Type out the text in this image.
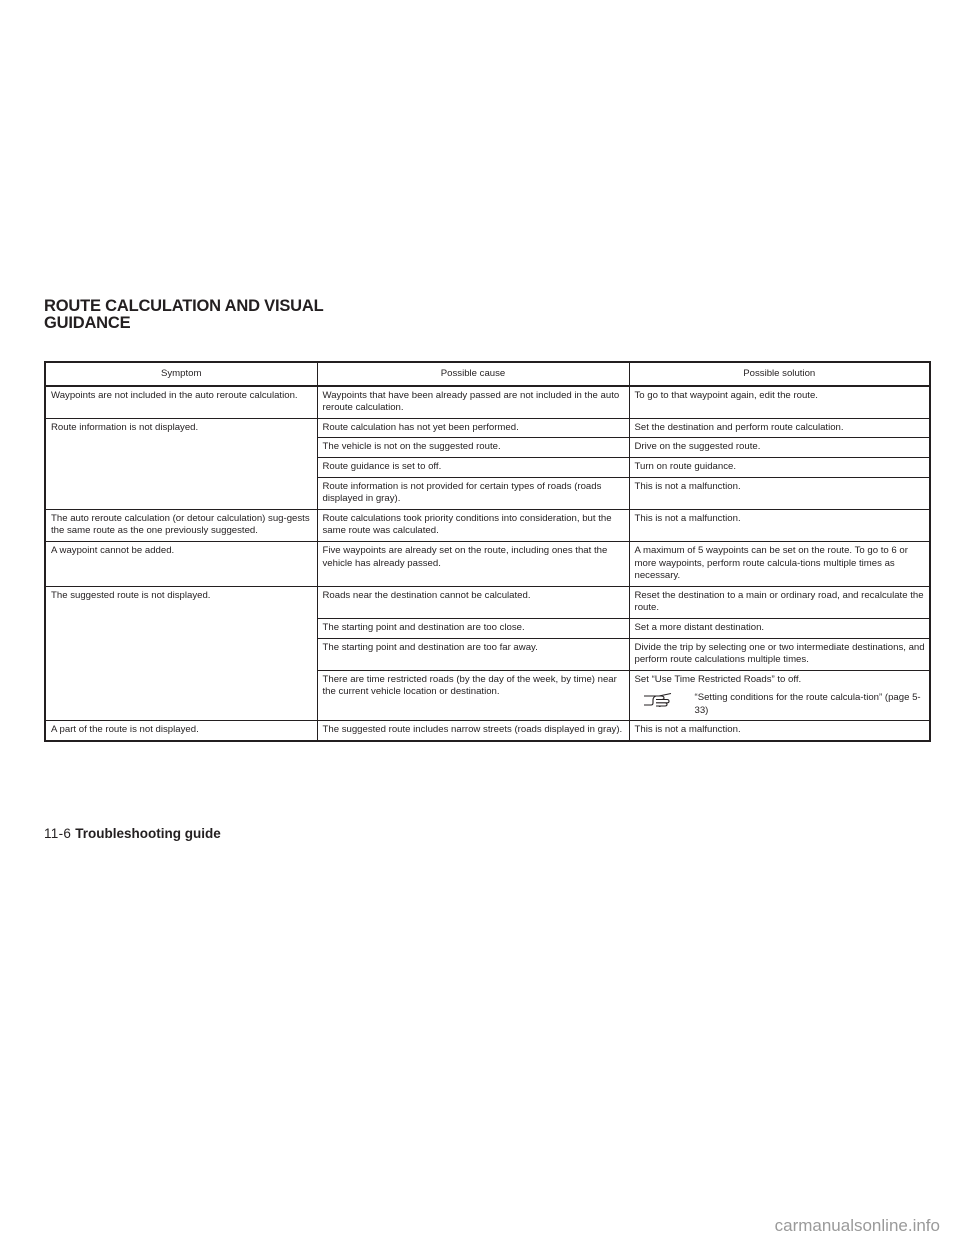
ROUTE CALCULATION AND VISUAL
GUIDANCE
Symptom	Possible cause	Possible solution
Waypoints are not included in the auto reroute calculation.	Waypoints that have been already passed are not included in the auto reroute calculation.	To go to that waypoint again, edit the route.
Route information is not displayed.	Route calculation has not yet been performed.	Set the destination and perform route calculation.
	The vehicle is not on the suggested route.	Drive on the suggested route.
	Route guidance is set to off.	Turn on route guidance.
	Route information is not provided for certain types of roads (roads displayed in gray).	This is not a malfunction.
The auto reroute calculation (or detour calculation) sug-gests the same route as the one previously suggested.	Route calculations took priority conditions into consideration, but the same route was calculated.	This is not a malfunction.
A waypoint cannot be added.	Five waypoints are already set on the route, including ones that the vehicle has already passed.	A maximum of 5 waypoints can be set on the route. To go to 6 or more waypoints, perform route calcula-tions multiple times as necessary.
The suggested route is not displayed.	Roads near the destination cannot be calculated.	Reset the destination to a main or ordinary road, and recalculate the route.
	The starting point and destination are too close.	Set a more distant destination.
	The starting point and destination are too far away.	Divide the trip by selecting one or two intermediate destinations, and perform route calculations multiple times.
	There are time restricted roads (by the day of the week, by time) near the current vehicle location or destination.	Set “Use Time Restricted Roads” to off.
“Setting conditions for the route calcula-tion” (page 5-33)

A part of the route is not displayed.	The suggested route includes narrow streets (roads displayed in gray).	This is not a malfunction.
11-6 Troubleshooting guide
carmanualsonline.info
